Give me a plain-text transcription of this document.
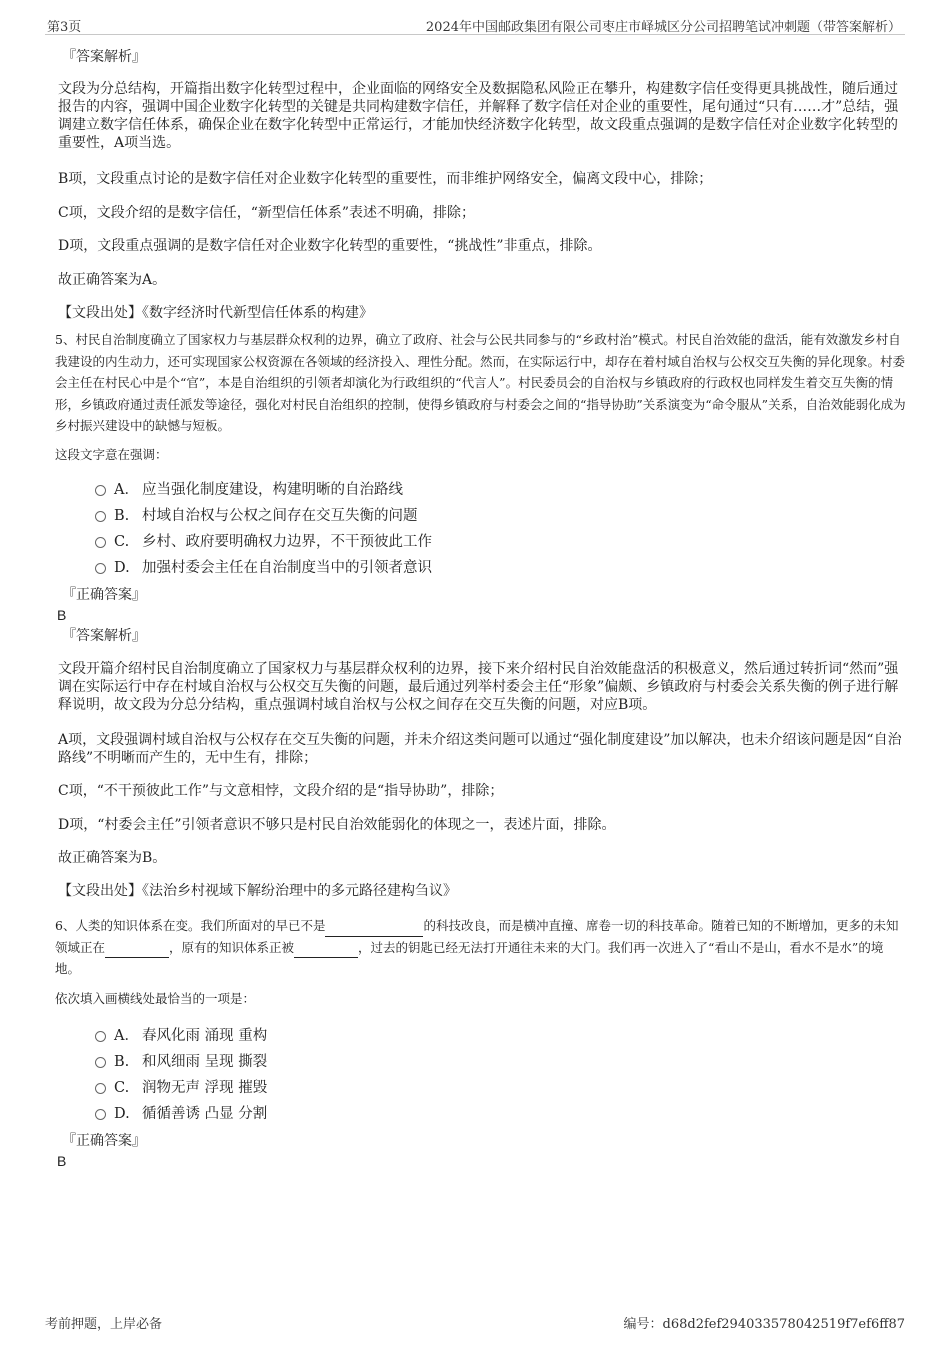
第3页	2024年中国邮政集团有限公司枣庄市峄城区分公司招聘笔试冲刺题（带答案解析）
『答案解析』
文段为分总结构，开篇指出数字化转型过程中，企业面临的网络安全及数据隐私风险正在攀升，构建数字信任变得更具挑战性，随后通过报告的内容，强调中国企业数字化转型的关键是共同构建数字信任，并解释了数字信任对企业的重要性，尾句通过“只有……才”总结，强调建立数字信任体系，确保企业在数字化转型中正常运行，才能加快经济数字化转型，故文段重点强调的是数字信任对企业数字化转型的重要性，A项当选。
B项，文段重点讨论的是数字信任对企业数字化转型的重要性，而非维护网络安全，偏离文段中心，排除；
C项，文段介绍的是数字信任，“新型信任体系”表述不明确，排除；
D项，文段重点强调的是数字信任对企业数字化转型的重要性，“挑战性”非重点，排除。
故正确答案为A。
【文段出处】《数字经济时代新型信任体系的构建》
5、村民自治制度确立了国家权力与基层群众权利的边界，确立了政府、社会与公民共同参与的“乡政村治”模式。村民自治效能的盘活，能有效激发乡村自我建设的内生动力，还可实现国家公权资源在各领域的经济投入、理性分配。然而，在实际运行中，却存在着村域自治权与公权交互失衡的异化现象。村委会主任在村民心中是个“官”，本是自治组织的引领者却演化为行政组织的“代言人”。村民委员会的自治权与乡镇政府的行政权也同样发生着交互失衡的情形，乡镇政府通过责任派发等途径，强化对村民自治组织的控制，使得乡镇政府与村委会之间的“指导协助”关系演变为“命令服从”关系，自治效能弱化成为乡村振兴建设中的缺憾与短板。
这段文字意在强调：
A． 应当强化制度建设，构建明晰的自治路线
B. 村域自治权与公权之间存在交互失衡的问题
C. 乡村、政府要明确权力边界，不干预彼此工作
D. 加强村委会主任在自治制度当中的引领者意识
『正确答案』
B
『答案解析』
文段开篇介绍村民自治制度确立了国家权力与基层群众权利的边界，接下来介绍村民自治效能盘活的积极意义，然后通过转折词“然而”强调在实际运行中存在村域自治权与公权交互失衡的问题，最后通过列举村委会主任“形象”偏颇、乡镇政府与村委会关系失衡的例子进行解释说明，故文段为分总分结构，重点强调村域自治权与公权之间存在交互失衡的问题，对应B项。
A项，文段强调村域自治权与公权存在交互失衡的问题，并未介绍这类问题可以通过“强化制度建设”加以解决，也未介绍该问题是因“自治路线”不明晰而产生的，无中生有，排除；
C项，“不干预彼此工作”与文意相悖，文段介绍的是“指导协助”，排除；
D项，“村委会主任”引领者意识不够只是村民自治效能弱化的体现之一，表述片面，排除。
故正确答案为B。
【文段出处】《法治乡村视域下解纷治理中的多元路径建构刍议》
6、人类的知识体系在变。我们所面对的早已不是	的科技改良，而是横冲直撞、席卷一切的科技革命。随着已知的不断增加，更多的未知领域正在	，原有的知识体系正被	，过去的钥匙已经无法打开通往未来的大门。我们再一次进入了“看山不是山，看水不是水”的境地。
依次填入画横线处最恰当的一项是：
A． 春风化雨 涌现 重构
B. 和风细雨 呈现 撕裂
C. 润物无声 浮现 摧毁
D. 循循善诱 凸显 分割
『正确答案』
B
考前押题，上岸必备	编号：d68d2fef294033578042519f7ef6ff87
